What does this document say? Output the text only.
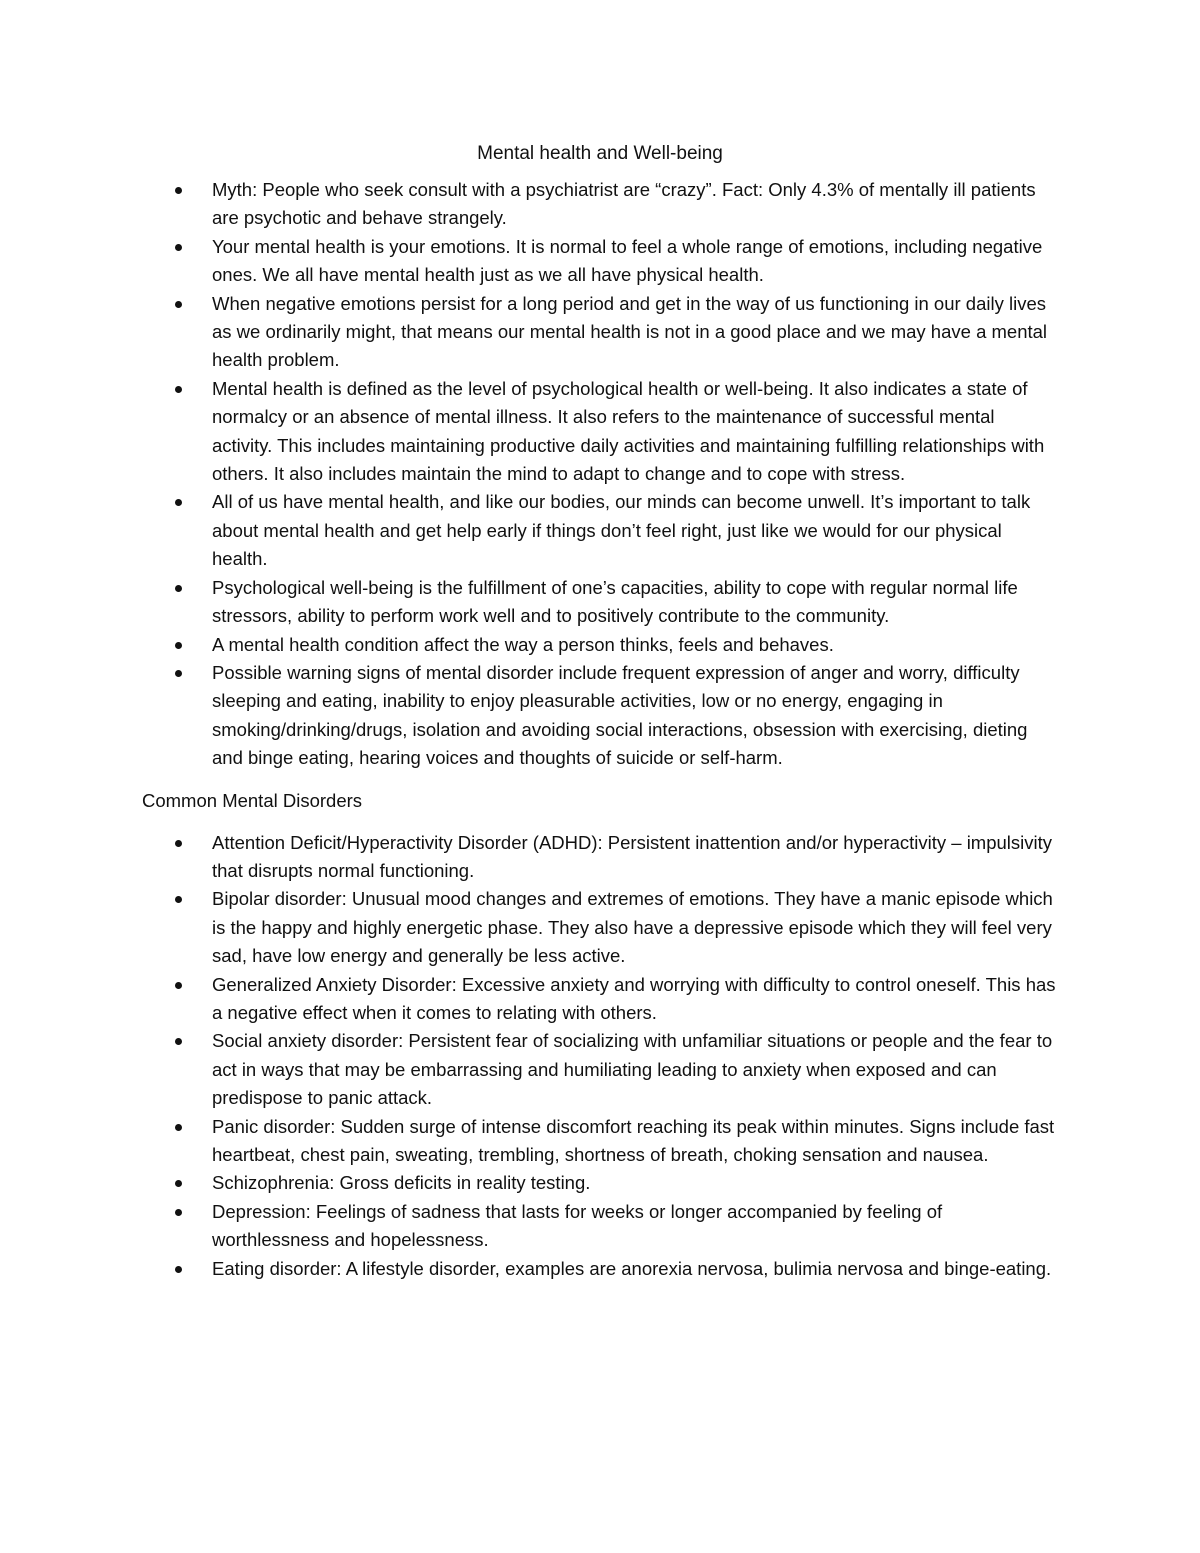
Mental health and Well-being
Myth: People who seek consult with a psychiatrist are “crazy”. Fact: Only 4.3% of mentally ill patients are psychotic and behave strangely.
Your mental health is your emotions. It is normal to feel a whole range of emotions, including negative ones. We all have mental health just as we all have physical health.
When negative emotions persist for a long period and get in the way of us functioning in our daily lives as we ordinarily might, that means our mental health is not in a good place and we may have a mental health problem.
Mental health is defined as the level of psychological health or well-being. It also indicates a state of normalcy or an absence of mental illness. It also refers to the maintenance of successful mental activity. This includes maintaining productive daily activities and maintaining fulfilling relationships with others. It also includes maintain the mind to adapt to change and to cope with stress.
All of us have mental health, and like our bodies, our minds can become unwell. It’s important to talk about mental health and get help early if things don’t feel right, just like we would for our physical health.
Psychological well-being is the fulfillment of one’s capacities, ability to cope with regular normal life stressors, ability to perform work well and to positively contribute to the community.
A mental health condition affect the way a person thinks, feels and behaves.
Possible warning signs of mental disorder include frequent expression of anger and worry, difficulty sleeping and eating, inability to enjoy pleasurable activities, low or no energy, engaging in smoking/drinking/drugs, isolation and avoiding social interactions, obsession with exercising, dieting and binge eating, hearing voices and thoughts of suicide or self-harm.

Common Mental Disorders

Attention Deficit/Hyperactivity Disorder (ADHD): Persistent inattention and/or hyperactivity – impulsivity that disrupts normal functioning.
Bipolar disorder: Unusual mood changes and extremes of emotions. They have a manic episode which is the happy and highly energetic phase. They also have a depressive episode which they will feel very sad, have low energy and generally be less active.
Generalized Anxiety Disorder: Excessive anxiety and worrying with difficulty to control oneself. This has a negative effect when it comes to relating with others.
Social anxiety disorder: Persistent fear of socializing with unfamiliar situations or people and the fear to act in ways that may be embarrassing and humiliating leading to anxiety when exposed and can predispose to panic attack.
Panic disorder: Sudden surge of intense discomfort reaching its peak within minutes. Signs include fast heartbeat, chest pain, sweating, trembling, shortness of breath, choking sensation and nausea.
Schizophrenia: Gross deficits in reality testing.
Depression: Feelings of sadness that lasts for weeks or longer accompanied by feeling of worthlessness and hopelessness.
Eating disorder: A lifestyle disorder, examples are anorexia nervosa, bulimia nervosa and binge-eating.
